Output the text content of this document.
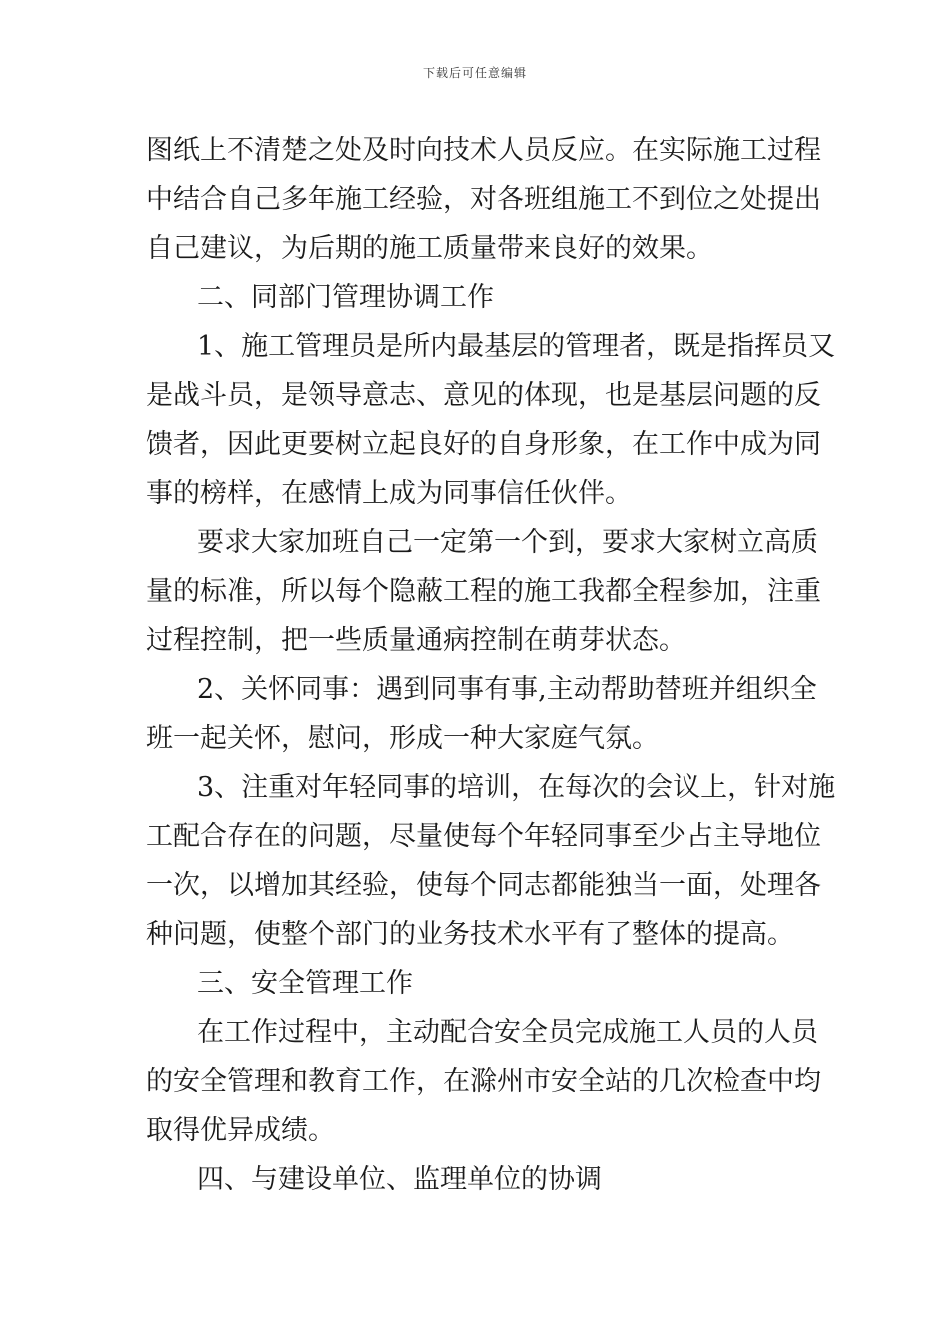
下载后可任意编辑
图纸上不清楚之处及时向技术人员反应。在实际施工过程
中结合自己多年施工经验，对各班组施工不到位之处提出
自己建议，为后期的施工质量带来良好的效果。
二、同部门管理协调工作
1、施工管理员是所内最基层的管理者，既是指挥员又
是战斗员，是领导意志、意见的体现，也是基层问题的反
馈者，因此更要树立起良好的自身形象，在工作中成为同
事的榜样，在感情上成为同事信任伙伴。
要求大家加班自己一定第一个到，要求大家树立高质
量的标准，所以每个隐蔽工程的施工我都全程参加，注重
过程控制，把一些质量通病控制在萌芽状态。
2、关怀同事：遇到同事有事,主动帮助替班并组织全
班一起关怀，慰问，形成一种大家庭气氛。
3、注重对年轻同事的培训，在每次的会议上，针对施
工配合存在的问题，尽量使每个年轻同事至少占主导地位
一次，以增加其经验，使每个同志都能独当一面，处理各
种问题，使整个部门的业务技术水平有了整体的提高。
三、安全管理工作
在工作过程中，主动配合安全员完成施工人员的人员
的安全管理和教育工作，在滁州市安全站的几次检查中均
取得优异成绩。
四、与建设单位、监理单位的协调
